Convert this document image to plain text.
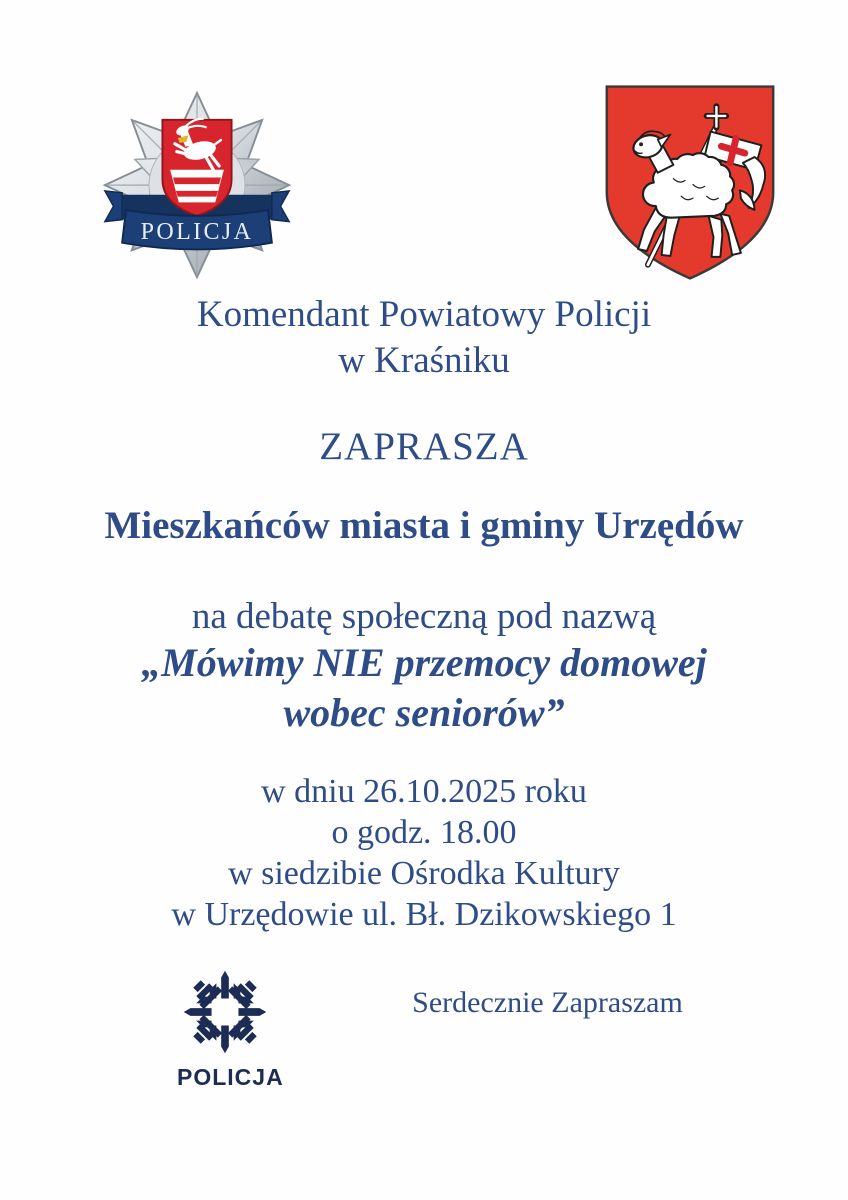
POLICJA
Komendant Powiatowy Policji
w Kraśniku
ZAPRASZA
Mieszkańców miasta i gminy Urzędów
na debatę społeczną pod nazwą
„Mówimy NIE przemocy domowej
wobec seniorów”
w dniu 26.10.2025 roku
o godz. 18.00
w siedzibie Ośrodka Kultury
w Urzędowie ul. Bł. Dzikowskiego 1
POLICJA
Serdecznie Zapraszam
